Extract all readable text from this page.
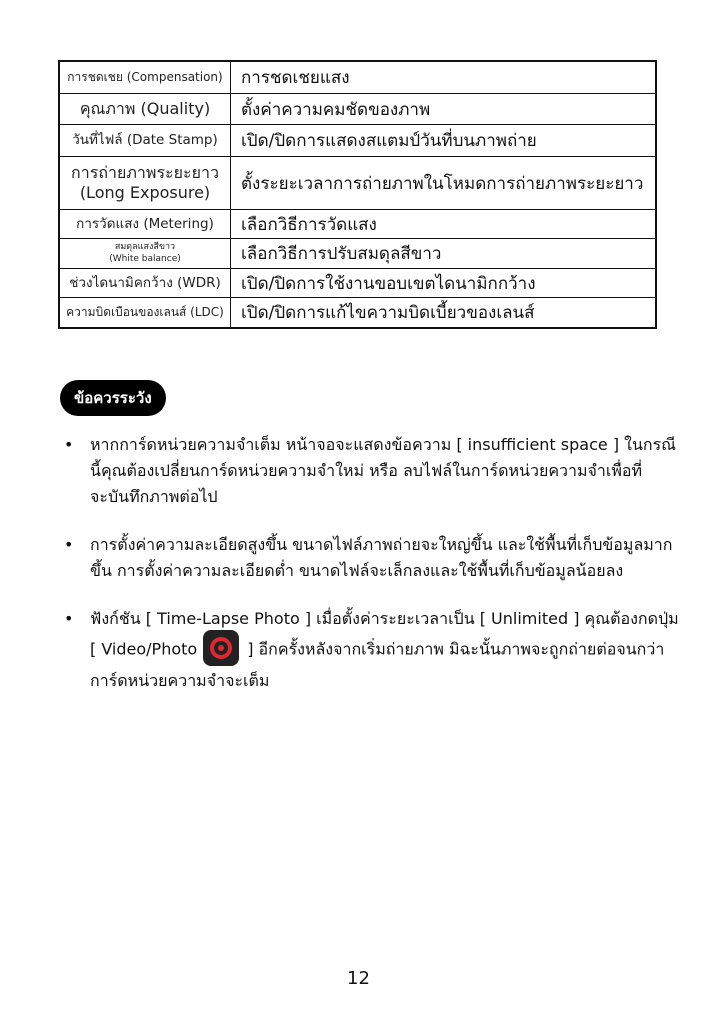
การชดเชย (Compensation)	การชดเชยแสง
คุณภาพ (Quality)	ตั้งค่าความคมชัดของภาพ
วันที่ไฟล์ (Date Stamp)	เปิด/ปิดการแสดงสแตมป์วันที่บนภาพถ่าย

การถ่ายภาพระยะยาว
(Long Exposure)	ตั้งระยะเวลาการถ่ายภาพในโหมดการถ่ายภาพระยะยาว
การวัดแสง (Metering)	เลือกวิธีการวัดแสง

สมดุลแสงสีขาว
(White balance)	เลือกวิธีการปรับสมดุลสีขาว
ช่วงไดนามิคกว้าง (WDR)	เปิด/ปิดการใช้งานขอบเขตไดนามิกกว้าง
ความบิดเบือนของเลนส์ (LDC)	เปิด/ปิดการแก้ไขความบิดเบี้ยวของเลนส์
ข้อควรระวัง
• หากการ์ดหน่วยความจำเต็ม หน้าจอจะแสดงข้อความ [ insufficient space ] ในกรณีนี้คุณต้องเปลี่ยนการ์ดหน่วยความจำใหม่ หรือ ลบไฟล์ในการ์ดหน่วยความจำเพื่อที่จะบันทึกภาพต่อไป
• การตั้งค่าความละเอียดสูงขึ้น ขนาดไฟล์ภาพถ่ายจะใหญ่ขึ้น และใช้พื้นที่เก็บข้อมูลมากขึ้น การตั้งค่าความละเอียดต่ำ ขนาดไฟล์จะเล็กลงและใช้พื้นที่เก็บข้อมูลน้อยลง
• ฟังก์ชัน [ Time-Lapse Photo ] เมื่อตั้งค่าระยะเวลาเป็น [ Unlimited ] คุณต้องกดปุ่ม [ Video/Photo	] อีกครั้งหลังจากเริ่มถ่ายภาพ มิฉะนั้นภาพจะถูกถ่ายต่อจนกว่าการ์ดหน่วยความจำจะเต็ม
12
